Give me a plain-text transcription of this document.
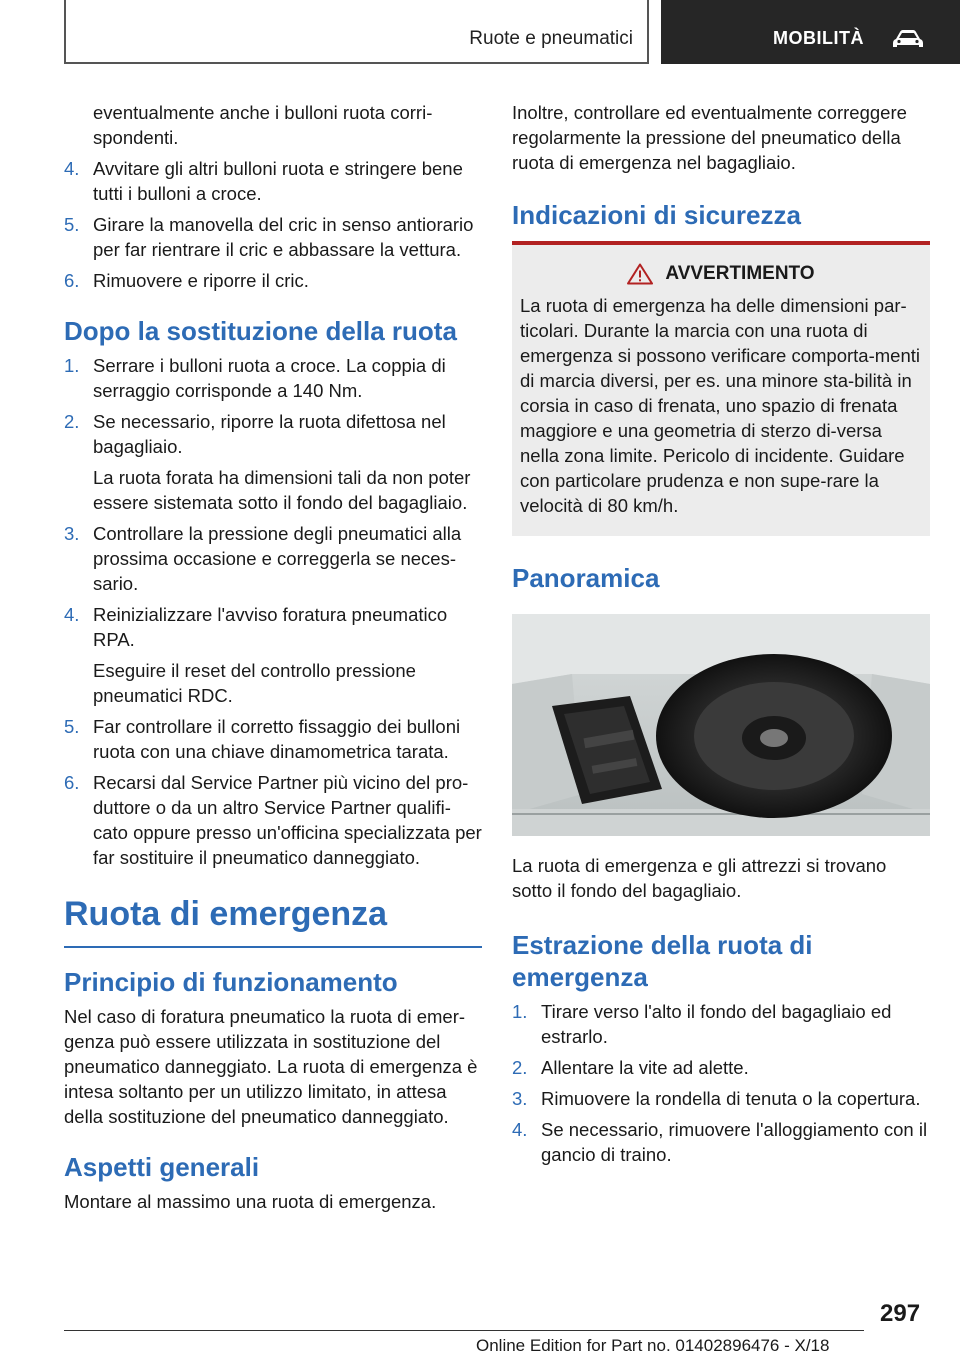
Ruote e pneumatici	MOBILITÀ
eventualmente anche i bulloni ruota corri-spondenti.
4. Avvitare gli altri bulloni ruota e stringere bene tutti i bulloni a croce.
5. Girare la manovella del cric in senso antiorario per far rientrare il cric e abbassare la vettura.
6. Rimuovere e riporre il cric.
Dopo la sostituzione della ruota
1. Serrare i bulloni ruota a croce. La coppia di serraggio corrisponde a 140 Nm.
2. Se necessario, riporre la ruota difettosa nel bagagliaio.
La ruota forata ha dimensioni tali da non poter essere sistemata sotto il fondo del bagagliaio.
3. Controllare la pressione degli pneumatici alla prossima occasione e correggerla se neces-sario.
4. Reinizializzare l'avviso foratura pneumatico RPA.
Eseguire il reset del controllo pressione pneumatici RDC.
5. Far controllare il corretto fissaggio dei bulloni ruota con una chiave dinamometrica tarata.
6. Recarsi dal Service Partner più vicino del pro-duttore o da un altro Service Partner qualifi-cato oppure presso un'officina specializzata per far sostituire il pneumatico danneggiato.
Ruota di emergenza
Principio di funzionamento

Nel caso di foratura pneumatico la ruota di emer-genza può essere utilizzata in sostituzione del pneumatico danneggiato. La ruota di emergenza è intesa soltanto per un utilizzo limitato, in attesa della sostituzione del pneumatico danneggiato.

Aspetti generali

Montare al massimo una ruota di emergenza.

Inoltre, controllare ed eventualmente correggere regolarmente la pressione del pneumatico della ruota di emergenza nel bagagliaio.

Indicazioni di sicurezza
AVVERTIMENTO
La ruota di emergenza ha delle dimensioni par-ticolari. Durante la marcia con una ruota di emergenza si possono verificare comporta-menti di marcia diversi, per es. una minore sta-bilità in corsia in caso di frenata, uno spazio di frenata maggiore e una geometria di sterzo di-versa nella zona limite. Pericolo di incidente. Guidare con particolare prudenza e non supe-rare la velocità di 80 km/h.
Panoramica

La ruota di emergenza e gli attrezzi si trovano sotto il fondo del bagagliaio.

Estrazione della ruota di emergenza
1. Tirare verso l'alto il fondo del bagagliaio ed estrarlo.
2. Allentare la vite ad alette.
3. Rimuovere la rondella di tenuta o la copertura.
4. Se necessario, rimuovere l'alloggiamento con il gancio di traino.
297
Online Edition for Part no. 01402896476 - X/18
